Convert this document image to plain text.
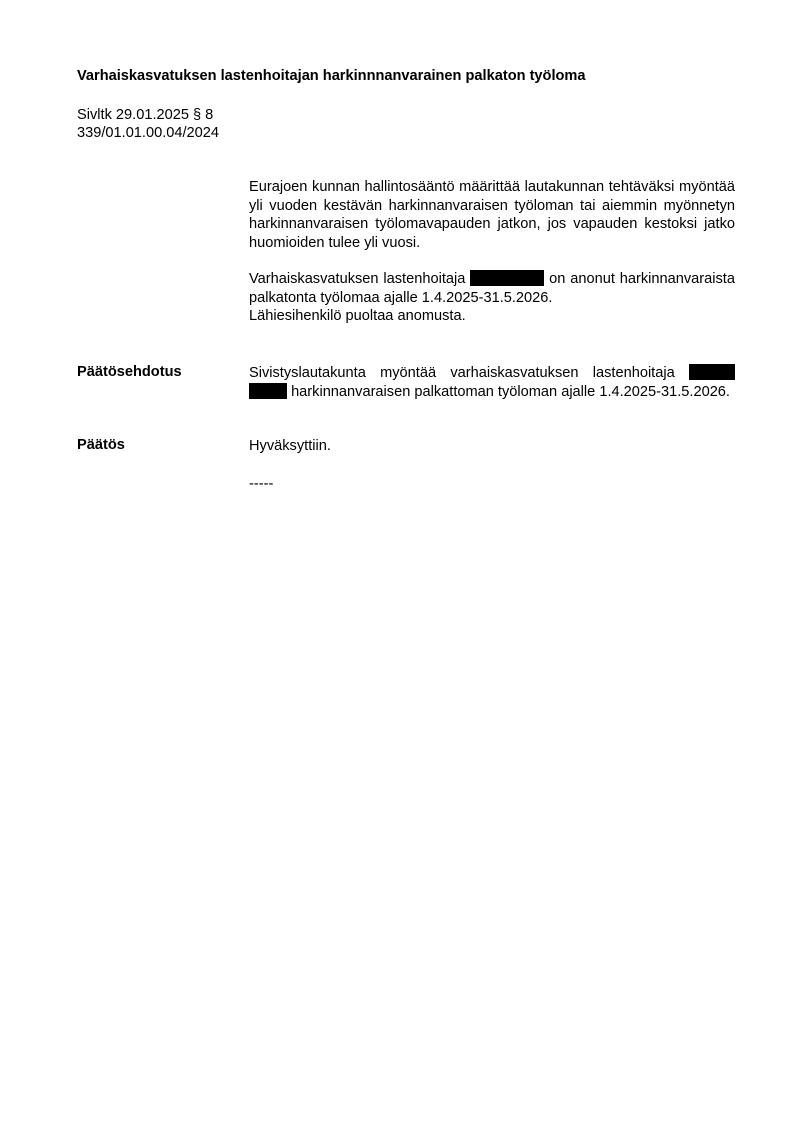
Varhaiskasvatuksen lastenhoitajan harkinnnanvarainen palkaton työloma
Sivltk 29.01.2025 § 8
339/01.01.00.04/2024

Eurajoen kunnan hallintosääntö määrittää lautakunnan tehtäväksi myöntää yli vuoden kestävän harkinnanvaraisen työloman tai aiemmin myönnetyn harkinnanvaraisen työlomavapauden jatkon, jos vapauden kestoksi jatko huomioiden tulee yli vuosi.

Varhaiskasvatuksen lastenhoitaja	on anonut harkinnanvaraista palkatonta työlomaa ajalle 1.4.2025-31.5.2026.
Lähiesihenkilö puoltaa anomusta.
Päätösehdotus	Sivistyslautakunta myöntää varhaiskasvatuksen lastenhoitaja   harkinnanvaraisen palkattoman työloman ajalle 1.4.2025-31.5.2026.
Päätös	Hyväksyttiin.
-----
